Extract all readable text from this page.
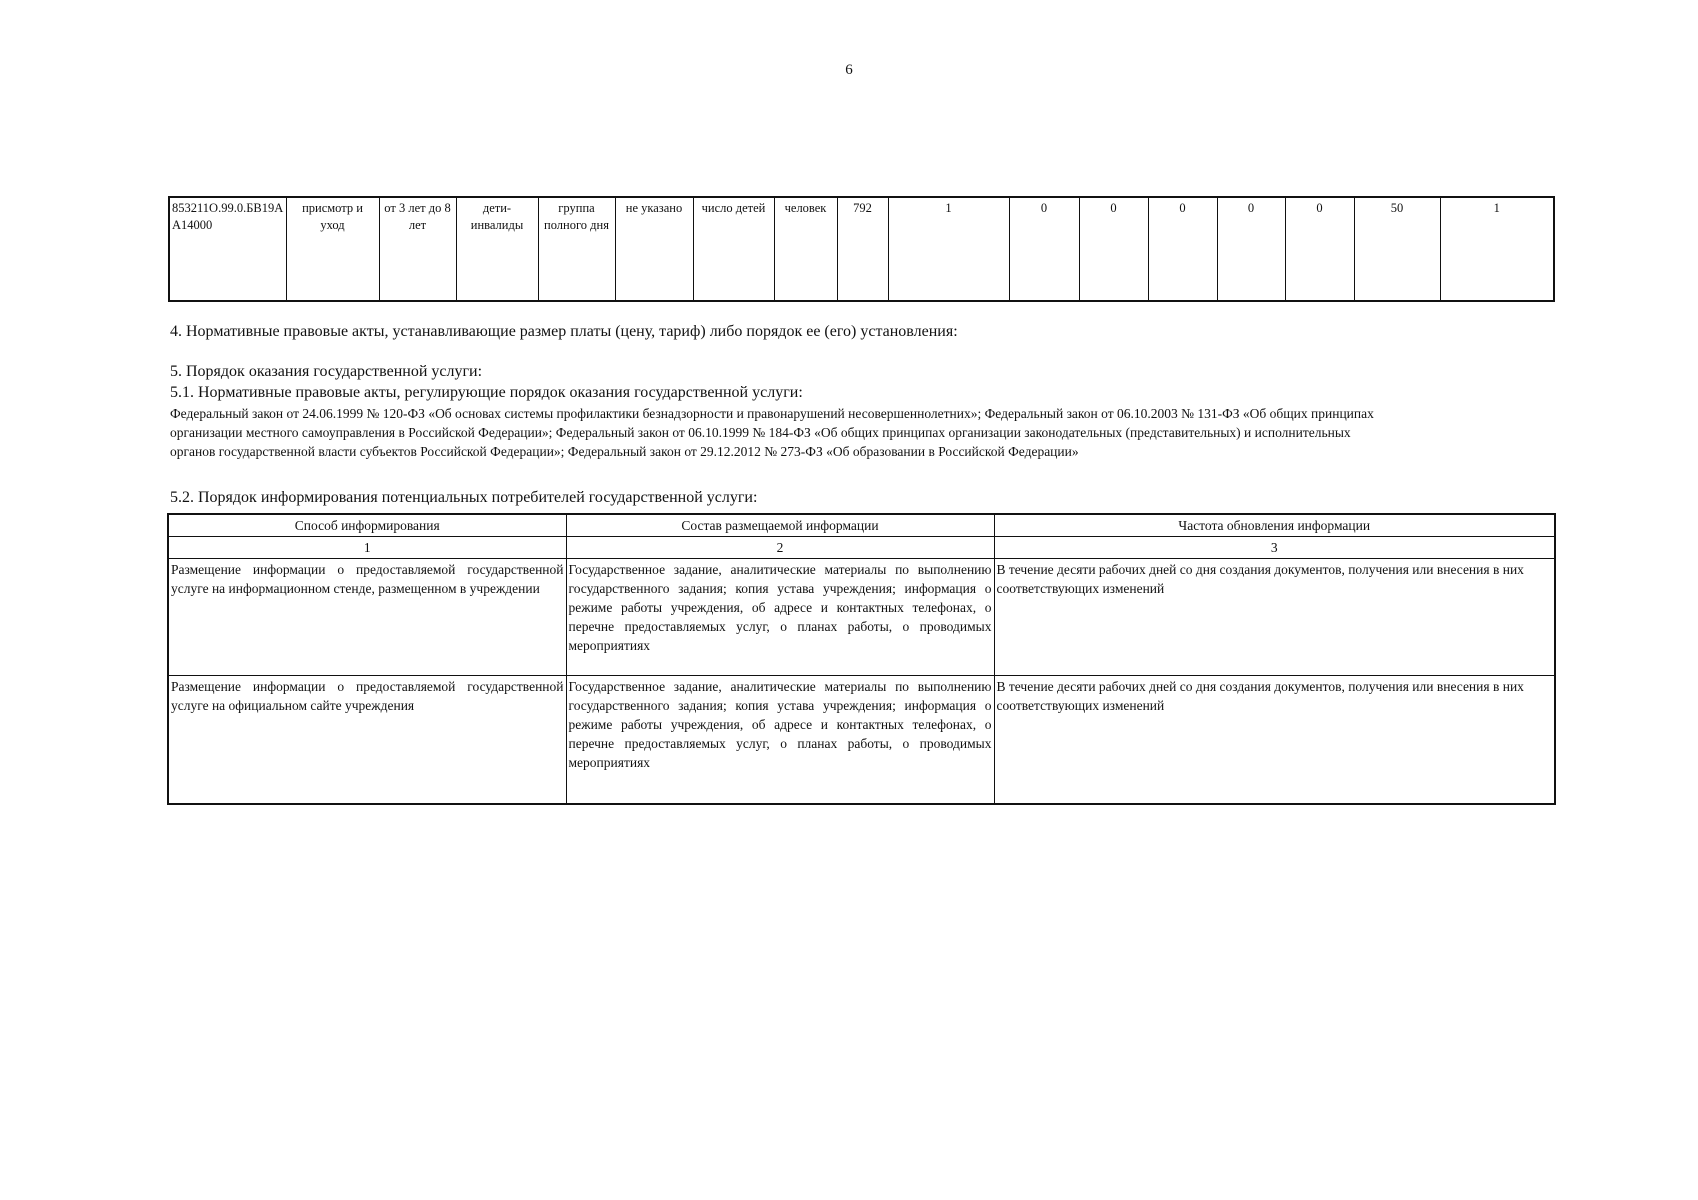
6
853211О.99.0.БВ19АА14000	присмотр и уход	от 3 лет до 8 лет	дети-инвалиды	группа полного дня	не указано	число детей	человек	792	1	0	0	0	0	0	50	1
4. Нормативные правовые акты, устанавливающие размер платы (цену, тариф) либо порядок ее (его) установления:
5. Порядок оказания государственной услуги:
5.1. Нормативные правовые акты, регулирующие порядок оказания государственной услуги:
Федеральный закон от 24.06.1999 № 120-ФЗ «Об основах системы профилактики безнадзорности и правонарушений несовершеннолетних»; Федеральный закон от 06.10.2003 № 131-ФЗ «Об общих принципах
организации местного самоуправления в Российской Федерации»; Федеральный закон от 06.10.1999 № 184-ФЗ «Об общих принципах организации законодательных (представительных) и исполнительных
органов государственной власти субъектов Российской Федерации»; Федеральный закон от 29.12.2012 № 273-ФЗ «Об образовании в Российской Федерации»
5.2. Порядок информирования потенциальных потребителей государственной услуги:
Способ информирования	Состав размещаемой информации	Частота обновления информации
1	2	3
Размещение информации о предоставляемой государственной услуге на информационном стенде, размещенном в учреждении	Государственное задание, аналитические материалы по выполнению государственного задания; копия устава учреждения; информация о режиме работы учреждения, об адресе и контактных телефонах, о перечне предоставляемых услуг, о планах работы, о проводимых мероприятиях	В течение десяти рабочих дней со дня создания документов, получения или внесения в них соответствующих изменений
Размещение информации о предоставляемой государственной услуге на официальном сайте учреждения	Государственное задание, аналитические материалы по выполнению государственного задания; копия устава учреждения; информация о режиме работы учреждения, об адресе и контактных телефонах, о перечне предоставляемых услуг, о планах работы, о проводимых мероприятиях	В течение десяти рабочих дней со дня создания документов, получения или внесения в них соответствующих изменений
